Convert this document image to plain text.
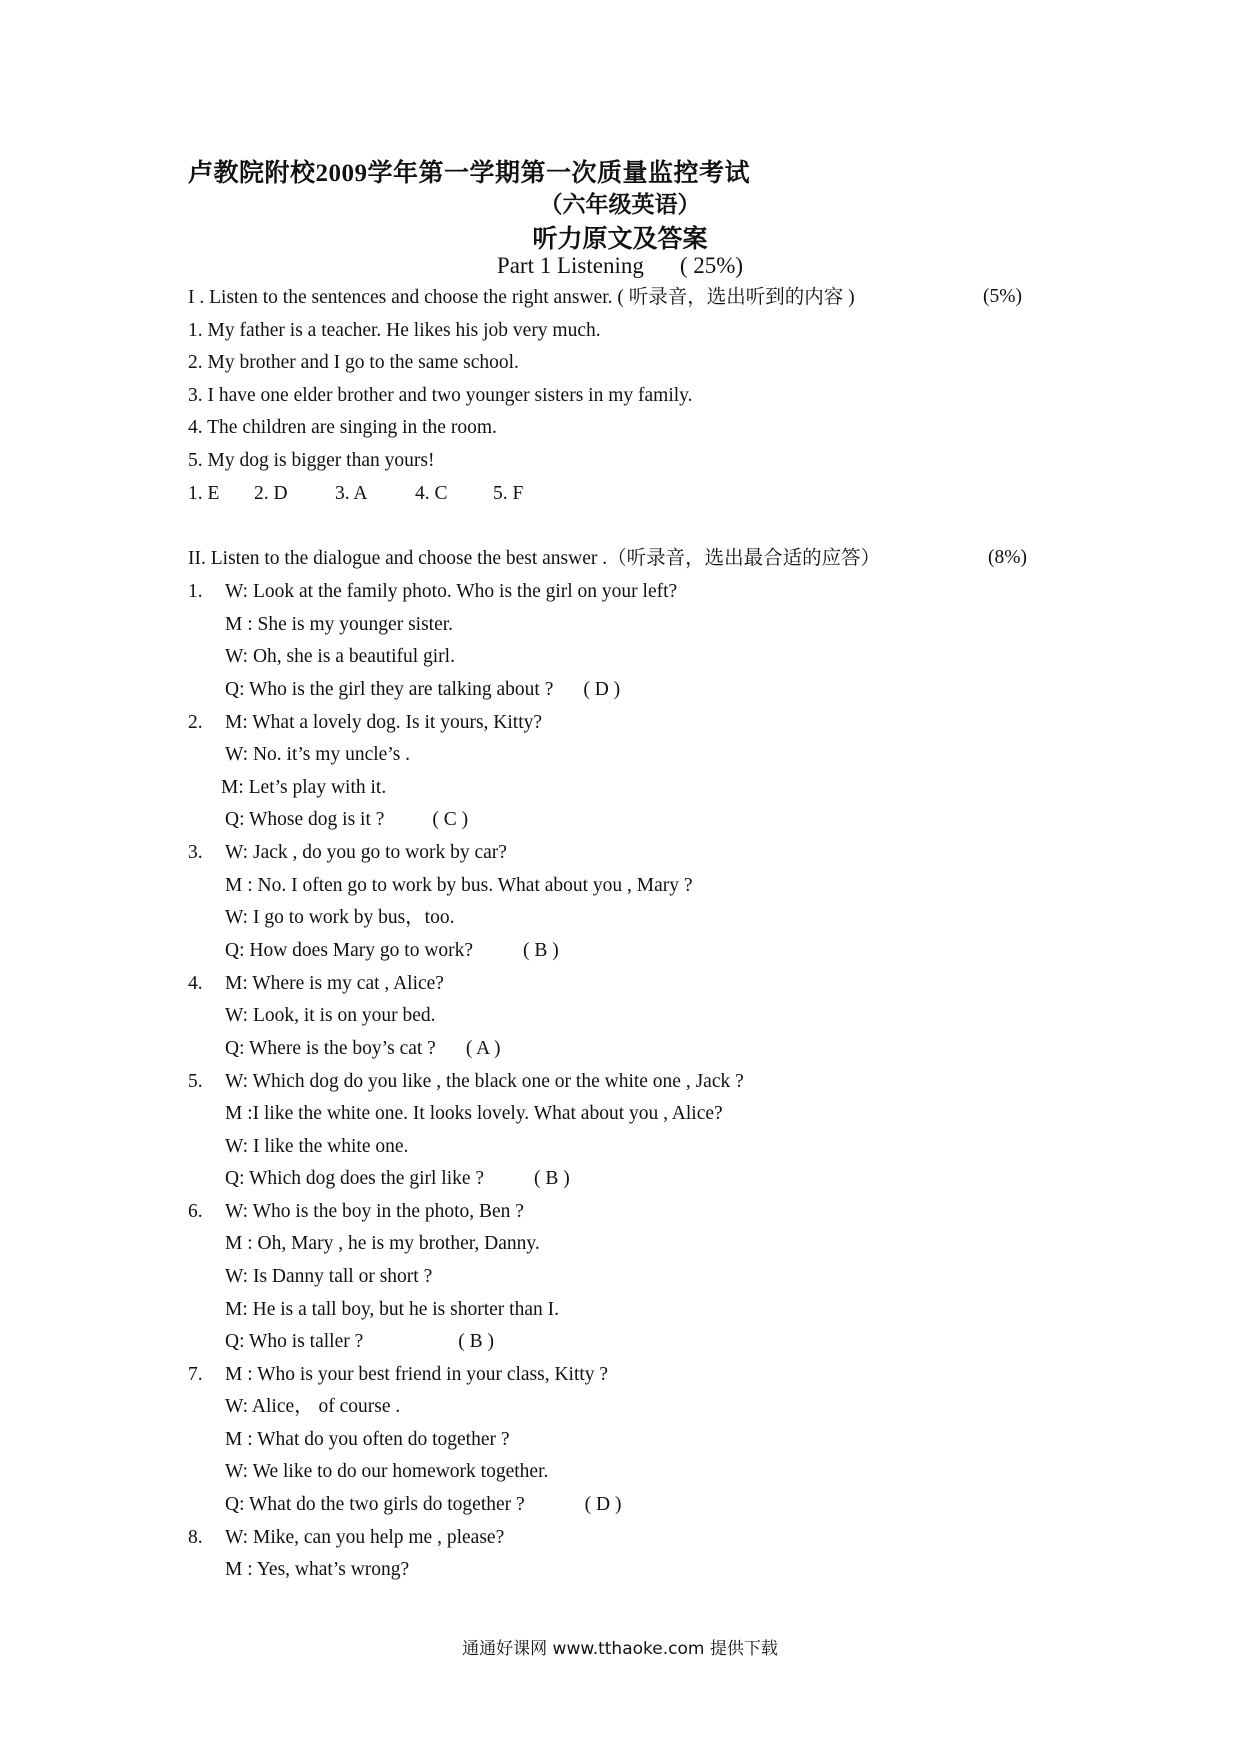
卢教院附校2009学年第一学期第一次质量监控考试
（六年级英语）
听力原文及答案
Part 1 Listening ( 25%)
I . Listen to the sentences and choose the right answer. ( 听录音，选出听到的内容 )	(5%)
1. My father is a teacher. He likes his job very much.
2. My brother and I go to the same school.
3. I have one elder brother and two younger sisters in my family.
4. The children are singing in the room.
5. My dog is bigger than yours!
1. E 2. D 3. A 4. C 5. F
II. Listen to the dialogue and choose the best answer .（听录音，选出最合适的应答）	(8%)
1. W: Look at the family photo. Who is the girl on your left?
M : She is my younger sister.
W: Oh, she is a beautiful girl.
Q: Who is the girl they are talking about ? ( D )
2. M: What a lovely dog. Is it yours, Kitty?
W: No. it’s my uncle’s .
M: Let’s play with it.
Q: Whose dog is it ? ( C )
3. W: Jack , do you go to work by car?
M : No. I often go to work by bus. What about you , Mary ?
W: I go to work by bus，too.
Q: How does Mary go to work?	( B )
4. M: Where is my cat , Alice?
W: Look, it is on your bed.
Q: Where is the boy’s cat ? ( A )
5. W: Which dog do you like , the black one or the white one , Jack ?
M :I like the white one. It looks lovely. What about you , Alice?
W: I like the white one.
Q: Which dog does the girl like ?	( B )
6. W: Who is the boy in the photo, Ben ?
M : Oh, Mary , he is my brother, Danny.
W: Is Danny tall or short ?
M: He is a tall boy, but he is shorter than I.
Q: Who is taller ?	( B )
7. M : Who is your best friend in your class, Kitty ?
W: Alice， of course .
M : What do you often do together ?
W: We like to do our homework together.
Q: What do the two girls do together ?	( D )
8. W: Mike, can you help me , please?
M : Yes, what’s wrong?
通通好课网 www.tthaoke.com 提供下载
